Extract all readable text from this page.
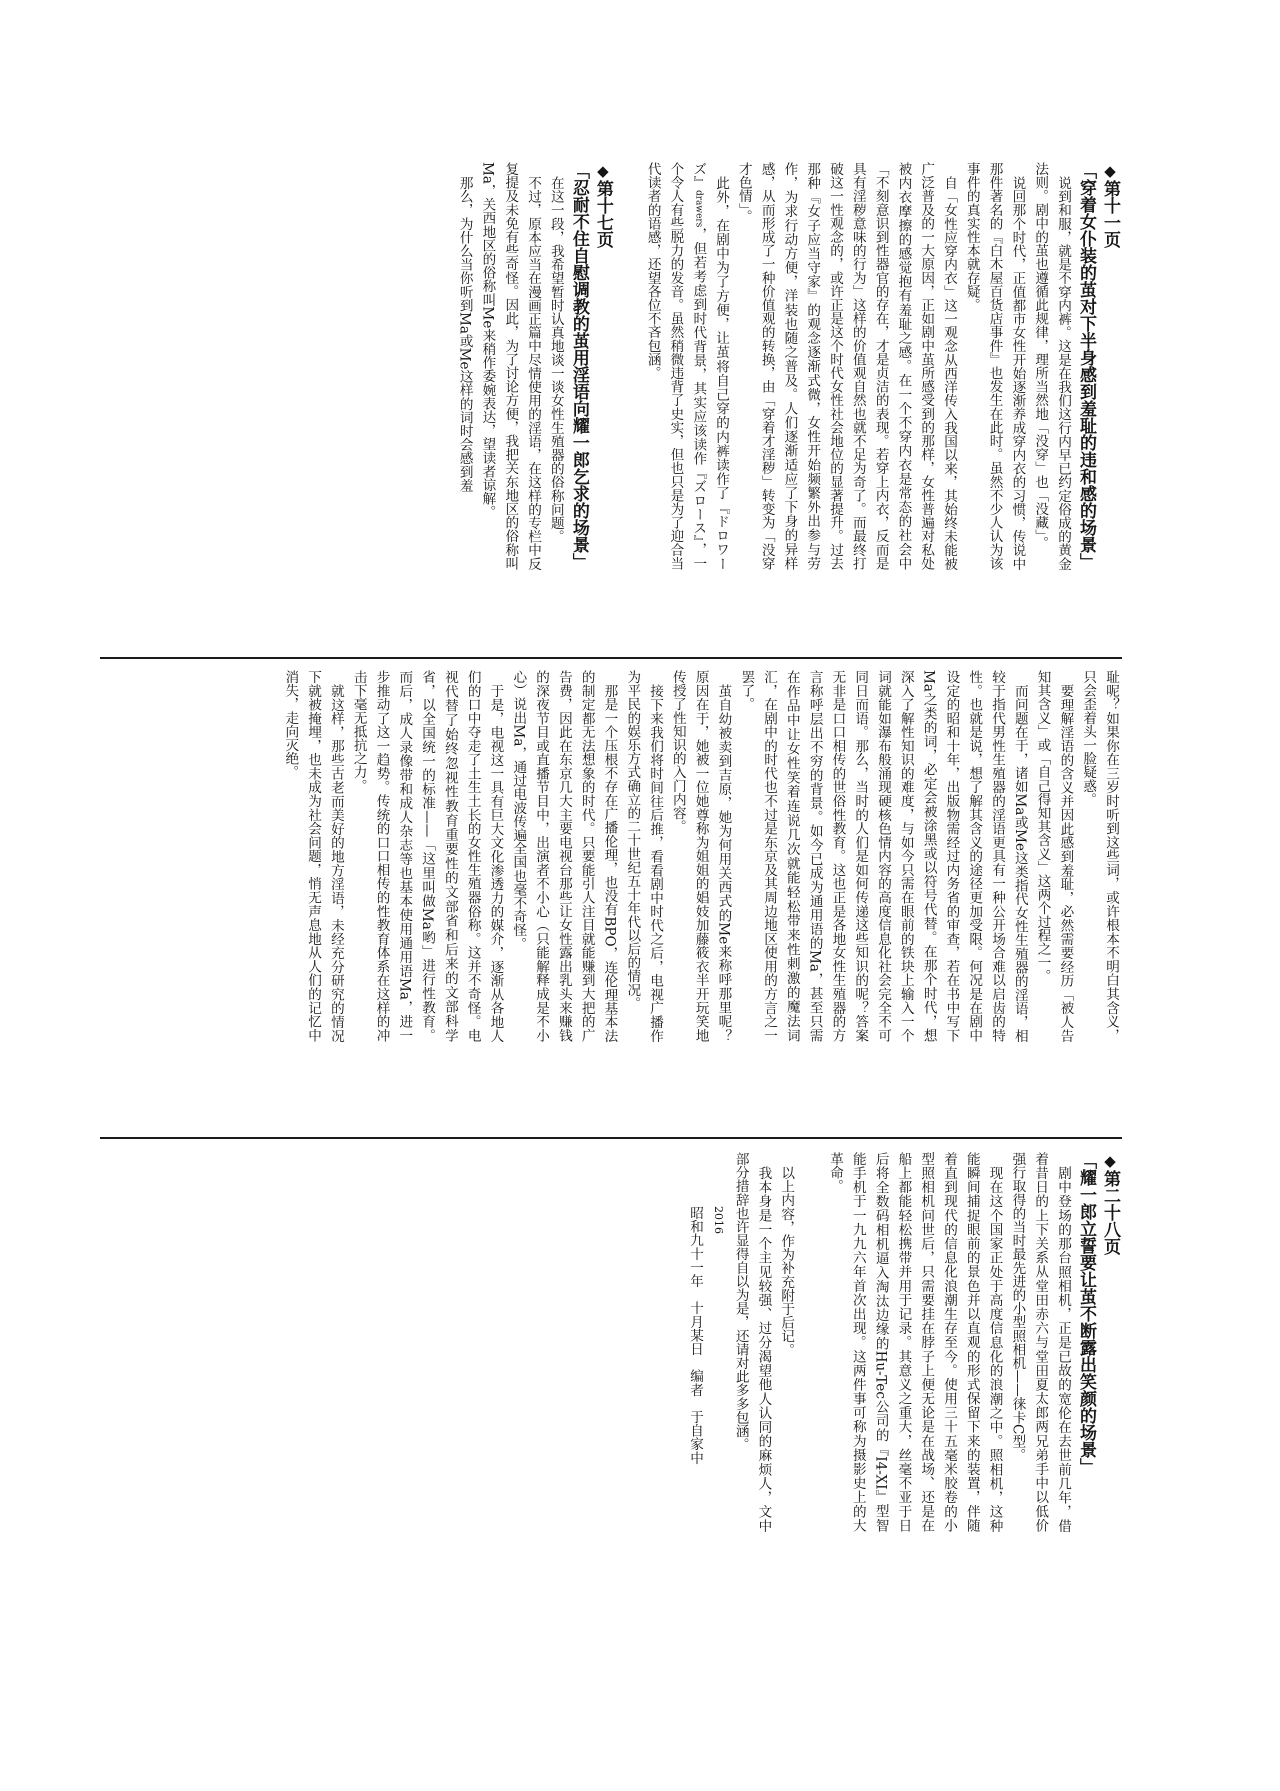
◆第十一页

「穿着女仆装的茧对下半身感到羞耻的违和感的场景」

说到和服，就是不穿内裤。这是在我们这行内早已约定俗成的黄金法则。剧中的茧也遵循此规律，理所当然地「没穿」也「没藏」。

说回那个时代，正值都市女性开始逐渐养成穿内衣的习惯，传说中那件著名的『白木屋百货店事件』也发生在此时。虽然不少人认为该事件的真实性本就存疑。

自「女性应穿内衣」这一观念从西洋传入我国以来，其始终未能被广泛普及的一大原因，正如剧中茧所感受到的那样，女性普遍对私处被内衣摩擦的感觉抱有羞耻之感。在一个不穿内衣是常态的社会中「不刻意识到性器官的存在，才是贞洁的表现。若穿上内衣，反而是具有淫秽意味的行为」这样的价值观自然也就不足为奇了。而最终打破这一性观念的，或许正是这个时代女性社会地位的显著提升。过去那种『女子应当守家』的观念逐渐式微，女性开始频繁外出参与劳作，为求行动方便，洋装也随之普及。人们逐渐适应了下身的异样感，从而形成了一种价值观的转换，由「穿着才淫秽」转变为「没穿才色情」。

此外，在剧中为了方便，让茧将自己穿的内裤读作了『ドロワーズ』drawers，但若考虑到时代背景，其实应该读作『ズロース』，一个令人有些脱力的发音。虽然稍微违背了史实，但也只是为了迎合当代读者的语感，还望各位不吝包涵。

◆第十七页

「忍耐不住自慰调教的茧用淫语向耀一郎乞求的场景」

在这一段，我希望暂时认真地谈一谈女性生殖器的俗称问题。

不过，原本应当在漫画正篇中尽情使用的淫语，在这样的专栏中反复提及未免有些奇怪。因此，为了讨论方便，我把关东地区的俗称叫Ma，关西地区的俗称叫Me来稍作委婉表达，望读者谅解。

那么，为什么当你听到Ma或Me这样的词时会感到羞

耻呢？如果你在三岁时听到这些词，或许根本不明白其含义，只会歪着头一脸疑惑。

要理解淫语的含义并因此感到羞耻，必然需要经历「被人告知其含义」或「自己得知其含义」这两个过程之一。

而问题在于，诸如Ma或Me这类指代女性生殖器的淫语，相较于指代男性生殖器的淫语更具有一种公开场合难以启齿的特性。也就是说，想了解其含义的途径更加受限。何况是在剧中设定的昭和十年，出版物需经过内务省的审查，若在书中写下Ma之类的词，必定会被涂黑或以符号代替。在那个时代，想深入了解性知识的难度，与如今只需在眼前的铁块上输入一个词就能如瀑布般涌现硬核色情内容的高度信息化社会完全不可同日而语。那么，当时的人们是如何传递这些知识的呢？答案无非是口口相传的世俗性教育。这也正是各地女性生殖器的方言称呼层出不穷的背景。如今已成为通用语的Ma，甚至只需在作品中让女性笑着连说几次就能轻松带来性刺激的魔法词汇，在剧中的时代也不过是东京及其周边地区使用的方言之一罢了。

茧自幼被卖到吉原，她为何用关西式的Me来称呼那里呢？原因在于，她被一位她尊称为姐姐的娼妓加藤筱衣半开玩笑地传授了性知识的入门内容。

接下来我们将时间往后推，看看剧中时代之后，电视广播作为平民的娱乐方式确立的二十世纪五十年代以后的情况。

那是一个压根不存在广播伦理，也没有BPO，连伦理基本法的制定都无法想象的时代。只要能引人注目就能赚到大把的广告费，因此在东京几大主要电视台那些让女性露出乳头来赚钱的深夜节目或直播节目中，出演者不小心（只能解释成是不小心）说出Ma，通过电波传遍全国也毫不奇怪。

于是，电视这一具有巨大文化渗透力的媒介，逐渐从各地人们的口中夺走了土生土长的女性生殖器俗称。这并不奇怪。电视代替了始终忽视性教育重要性的文部省和后来的文部科学省，以全国统一的标准——「这里叫做Ma哟」进行性教育。而后，成人录像带和成人杂志等也基本使用通用语Ma，进一步推动了这一趋势。传统的口口相传的性教育体系在这样的冲击下毫无抵抗之力。

就这样，那些古老而美好的地方淫语，未经充分研究的情况下就被掩埋，也未成为社会问题，悄无声息地从人们的记忆中消失，走向灭绝。

◆第二十八页

「耀一郎立誓要让茧不断露出笑颜的场景」

剧中登场的那台照相机，正是已故的宽伦在去世前几年，借着昔日的上下关系从堂田赤六与堂田夏太郎两兄弟手中以低价强行取得的当时最先进的小型照相机——徕卡C型。

现在这个国家正处于高度信息化的浪潮之中。照相机，这种能瞬间捕捉眼前的景色并以直观的形式保留下来的装置，伴随着直到现代的信息化浪潮生存至今。使用三十五毫米胶卷的小型照相机问世后，只需要挂在脖子上便无论是在战场、还是在船上都能轻松携带并用于记录。其意义之重大，丝毫不亚于日后将全数码相机逼入淘汰边缘的Hu-Tec公司的『I4-XI』型智能手机于一九九六年首次出现。这两件事可称为摄影史上的大革命。

以上内容，作为补充附于后记。

我本身是一个主见较强、过分渴望他人认同的麻烦人，文中部分措辞也许显得自以为是，还请对此多多包涵。

2016
昭和九十一年　十月某日　编者　于自家中
